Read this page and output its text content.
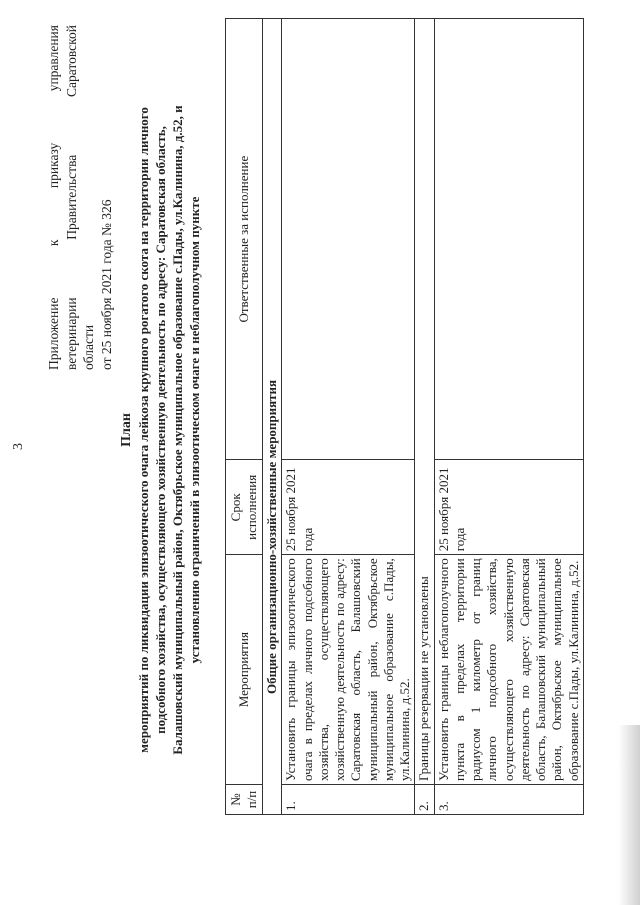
3
Приложение к приказу управления ветеринарии Правительства Саратовской области от 25 ноября 2021 года № 326
План мероприятий по ликвидации эпизоотического очага лейкоза крупного рогатого скота на территории личного подсобного хозяйства, осуществляющего хозяйственную деятельность по адресу: Саратовская область, Балашовский муниципальный район, Октябрьское муниципальное образование с.Пады, ул.Калинина, д.52, и установлению ограничений в эпизоотическом очаге и неблагополучном пункте
№ п/п	Мероприятия	Срок исполнения	Ответственные за исполнение
Общие организационно-хозяйственные мероприятия			
1.	Установить границы эпизоотического очага в пределах личного подсобного хозяйства, осуществляющего хозяйственную деятельность по адресу: Саратовская область, Балашовский муниципальный район, Октябрьское муниципальное образование с.Пады, ул.Калинина, д.52.	25 ноября 2021 года	
2.	Границы резервации не установлены		
3.	Установить границы неблагополучного пункта в пределах территории радиусом 1 километр от границ личного подсобного хозяйства, осуществляющего хозяйственную деятельность по адресу: Саратовская область, Балашовский муниципальный район, Октябрьское муниципальное образование с.Пады, ул.Калинина, д.52.	25 ноября 2021 года	
